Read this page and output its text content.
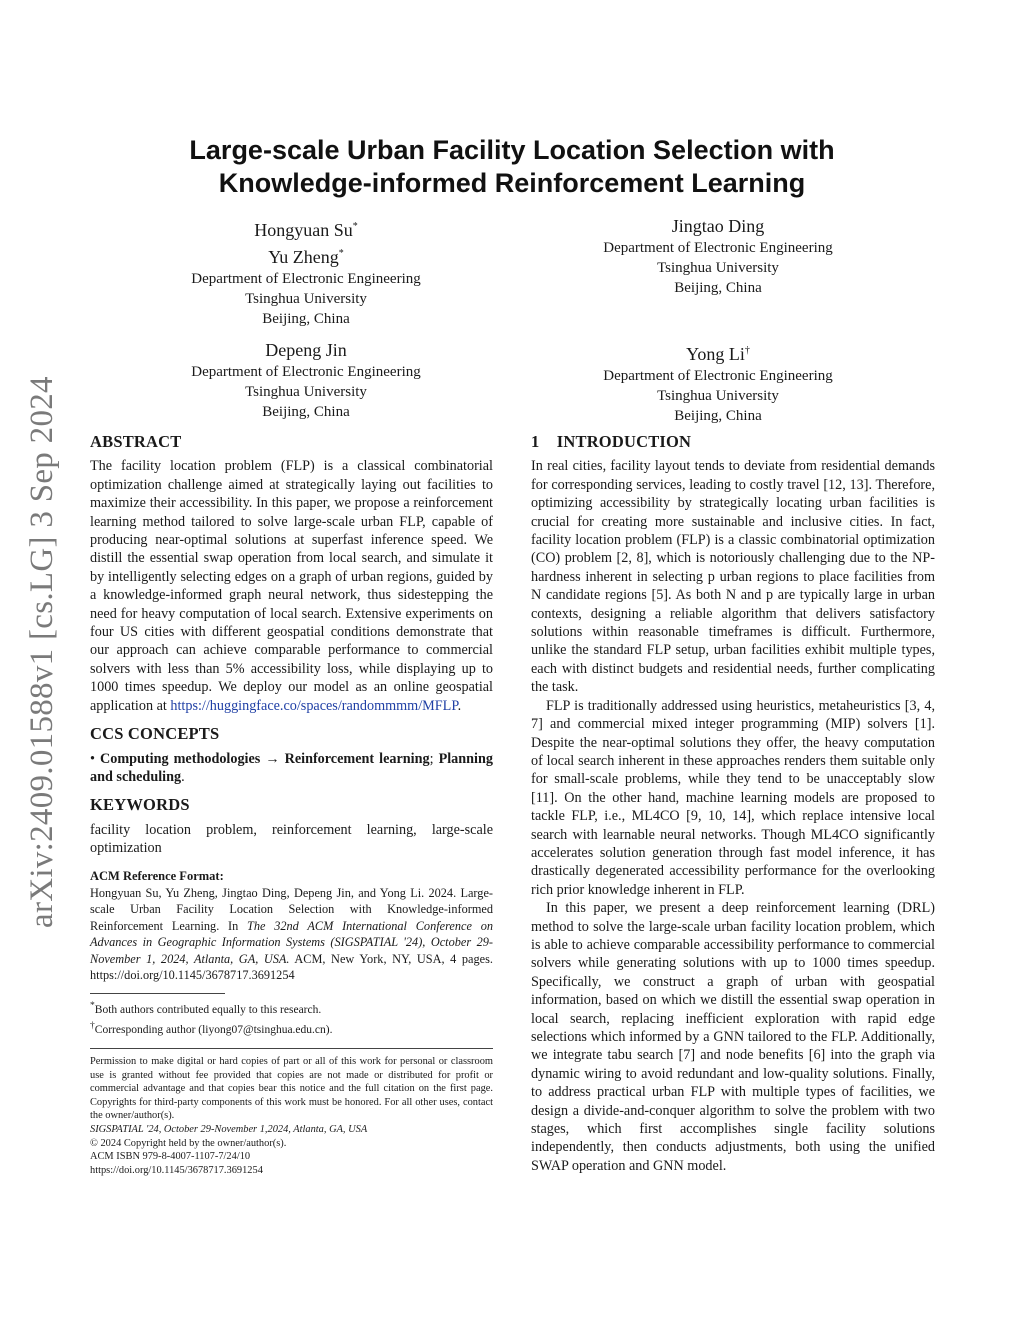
arXiv:2409.01588v1 [cs.LG] 3 Sep 2024
Large-scale Urban Facility Location Selection with
Knowledge-informed Reinforcement Learning
Hongyuan Su*
Yu Zheng*
Department of Electronic Engineering
Tsinghua University
Beijing, China
Jingtao Ding
Department of Electronic Engineering
Tsinghua University
Beijing, China
Depeng Jin
Department of Electronic Engineering
Tsinghua University
Beijing, China
Yong Li†
Department of Electronic Engineering
Tsinghua University
Beijing, China
ABSTRACT

The facility location problem (FLP) is a classical combinatorial optimization challenge aimed at strategically laying out facilities to maximize their accessibility. In this paper, we propose a reinforcement learning method tailored to solve large-scale urban FLP, capable of producing near-optimal solutions at superfast inference speed. We distill the essential swap operation from local search, and simulate it by intelligently selecting edges on a graph of urban regions, guided by a knowledge-informed graph neural network, thus sidestepping the need for heavy computation of local search. Extensive experiments on four US cities with different geospatial conditions demonstrate that our approach can achieve comparable performance to commercial solvers with less than 5% accessibility loss, while displaying up to 1000 times speedup. We deploy our model as an online geospatial application at https://huggingface.co/spaces/randommmm/MFLP.

CCS CONCEPTS

• Computing methodologies → Reinforcement learning; Planning and scheduling.

KEYWORDS

facility location problem, reinforcement learning, large-scale optimization

ACM Reference Format:

Hongyuan Su, Yu Zheng, Jingtao Ding, Depeng Jin, and Yong Li. 2024. Large-scale Urban Facility Location Selection with Knowledge-informed Reinforcement Learning. In The 32nd ACM International Conference on Advances in Geographic Information Systems (SIGSPATIAL '24), October 29-November 1, 2024, Atlanta, GA, USA. ACM, New York, NY, USA, 4 pages. https://doi.org/10.1145/3678717.3691254

*Both authors contributed equally to this research.
†Corresponding author (liyong07@tsinghua.edu.cn).
Permission to make digital or hard copies of part or all of this work for personal or classroom use is granted without fee provided that copies are not made or distributed for profit or commercial advantage and that copies bear this notice and the full citation on the first page. Copyrights for third-party components of this work must be honored. For all other uses, contact the owner/author(s).
SIGSPATIAL '24, October 29-November 1,2024, Atlanta, GA, USA
© 2024 Copyright held by the owner/author(s).
ACM ISBN 979-8-4007-1107-7/24/10
https://doi.org/10.1145/3678717.3691254
1    INTRODUCTION

In real cities, facility layout tends to deviate from residential demands for corresponding services, leading to costly travel [12, 13]. Therefore, optimizing accessibility by strategically locating urban facilities is crucial for creating more sustainable and inclusive cities. In fact, facility location problem (FLP) is a classic combinatorial optimization (CO) problem [2, 8], which is notoriously challenging due to the NP-hardness inherent in selecting p urban regions to place facilities from N candidate regions [5]. As both N and p are typically large in urban contexts, designing a reliable algorithm that delivers satisfactory solutions within reasonable timeframes is difficult. Furthermore, unlike the standard FLP setup, urban facilities exhibit multiple types, each with distinct budgets and residential needs, further complicating the task.

FLP is traditionally addressed using heuristics, metaheuristics [3, 4, 7] and commercial mixed integer programming (MIP) solvers [1]. Despite the near-optimal solutions they offer, the heavy computation of local search inherent in these approaches renders them suitable only for small-scale problems, while they tend to be unacceptably slow [11]. On the other hand, machine learning models are proposed to tackle FLP, i.e., ML4CO [9, 10, 14], which replace intensive local search with learnable neural networks. Though ML4CO significantly accelerates solution generation through fast model inference, it has drastically degenerated accessibility performance for the overlooking rich prior knowledge inherent in FLP.

In this paper, we present a deep reinforcement learning (DRL) method to solve the large-scale urban facility location problem, which is able to achieve comparable accessibility performance to commercial solvers while generating solutions with up to 1000 times speedup. Specifically, we construct a graph of urban with geospatial information, based on which we distill the essential swap operation in local search, replacing inefficient exploration with rapid edge selections which informed by a GNN tailored to the FLP. Additionally, we integrate tabu search [7] and node benefits [6] into the graph via dynamic wiring to avoid redundant and low-quality solutions. Finally, to address practical urban FLP with multiple types of facilities, we design a divide-and-conquer algorithm to solve the problem with two stages, which first accomplishes single facility solutions independently, then conducts adjustments, both using the unified SWAP operation and GNN model.
